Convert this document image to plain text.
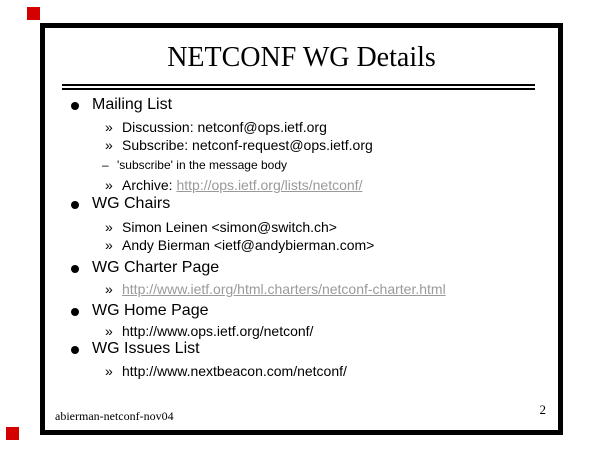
NETCONF WG Details
Mailing List
» Discussion: netconf@ops.ietf.org
» Subscribe: netconf-request@ops.ietf.org
– 'subscribe' in the message body
» Archive: http://ops.ietf.org/lists/netconf/
WG Chairs
» Simon Leinen <simon@switch.ch>
» Andy Bierman <ietf@andybierman.com>
WG Charter Page
» http://www.ietf.org/html.charters/netconf-charter.html
WG Home Page
» http://www.ops.ietf.org/netconf/
WG Issues List
» http://www.nextbeacon.com/netconf/
abierman-netconf-nov04	2
